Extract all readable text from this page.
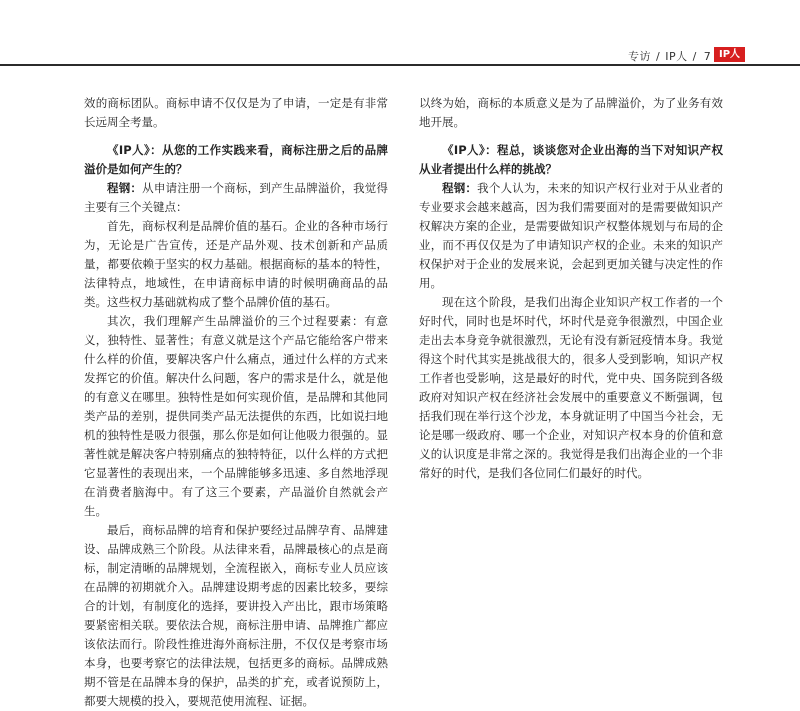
专访 / IP人 / 7 IP人

效的商标团队。商标申请不仅仅是为了申请，一定是有非常长远周全考量。

《IP人》：从您的工作实践来看，商标注册之后的品牌溢价是如何产生的？

程钢：从申请注册一个商标，到产生品牌溢价，我觉得主要有三个关键点：

首先，商标权利是品牌价值的基石。企业的各种市场行为，无论是广告宣传，还是产品外观、技术创新和产品质量，都要依赖于坚实的权力基础。根据商标的基本的特性，法律特点，地域性，在申请商标申请的时候明确商品的品类。这些权力基础就构成了整个品牌价值的基石。

其次，我们理解产生品牌溢价的三个过程要素：有意义，独特性、显著性；有意义就是这个产品它能给客户带来什么样的价值，要解决客户什么痛点，通过什么样的方式来发挥它的价值。解决什么问题，客户的需求是什么，就是他的有意义在哪里。独特性是如何实现价值，是品牌和其他同类产品的差别，提供同类产品无法提供的东西，比如说扫地机的独特性是吸力很强，那么你是如何让他吸力很强的。显著性就是解决客户特别痛点的独特特征，以什么样的方式把它显著性的表现出来，一个品牌能够多迅速、多自然地浮现在消费者脑海中。有了这三个要素，产品溢价自然就会产生。

最后，商标品牌的培育和保护要经过品牌孕育、品牌建设、品牌成熟三个阶段。从法律来看，品牌最核心的点是商标，制定清晰的品牌规划，全流程嵌入，商标专业人员应该在品牌的初期就介入。品牌建设期考虑的因素比较多，要综合的计划，有制度化的选择，要讲投入产出比，跟市场策略要紧密相关联。要依法合规，商标注册申请、品牌推广都应该依法而行。阶段性推进海外商标注册，不仅仅是考察市场本身，也要考察它的法律法规，包括更多的商标。品牌成熟期不管是在品牌本身的保护，品类的扩充，或者说预防上，都要大规模的投入，要规范使用流程、证据。

以终为始，商标的本质意义是为了品牌溢价，为了业务有效地开展。

《IP人》：程总，谈谈您对企业出海的当下对知识产权从业者提出什么样的挑战？

程钢：我个人认为，未来的知识产权行业对于从业者的专业要求会越来越高，因为我们需要面对的是需要做知识产权解决方案的企业，是需要做知识产权整体规划与布局的企业，而不再仅仅是为了申请知识产权的企业。未来的知识产权保护对于企业的发展来说，会起到更加关键与决定性的作用。

现在这个阶段，是我们出海企业知识产权工作者的一个好时代，同时也是坏时代，坏时代是竞争很激烈，中国企业走出去本身竞争就很激烈，无论有没有新冠疫情本身。我觉得这个时代其实是挑战很大的，很多人受到影响，知识产权工作者也受影响，这是最好的时代，党中央、国务院到各级政府对知识产权在经济社会发展中的重要意义不断强调，包括我们现在举行这个沙龙，本身就证明了中国当今社会，无论是哪一级政府、哪一个企业，对知识产权本身的价值和意义的认识度是非常之深的。我觉得是我们出海企业的一个非常好的时代，是我们各位同仁们最好的时代。
